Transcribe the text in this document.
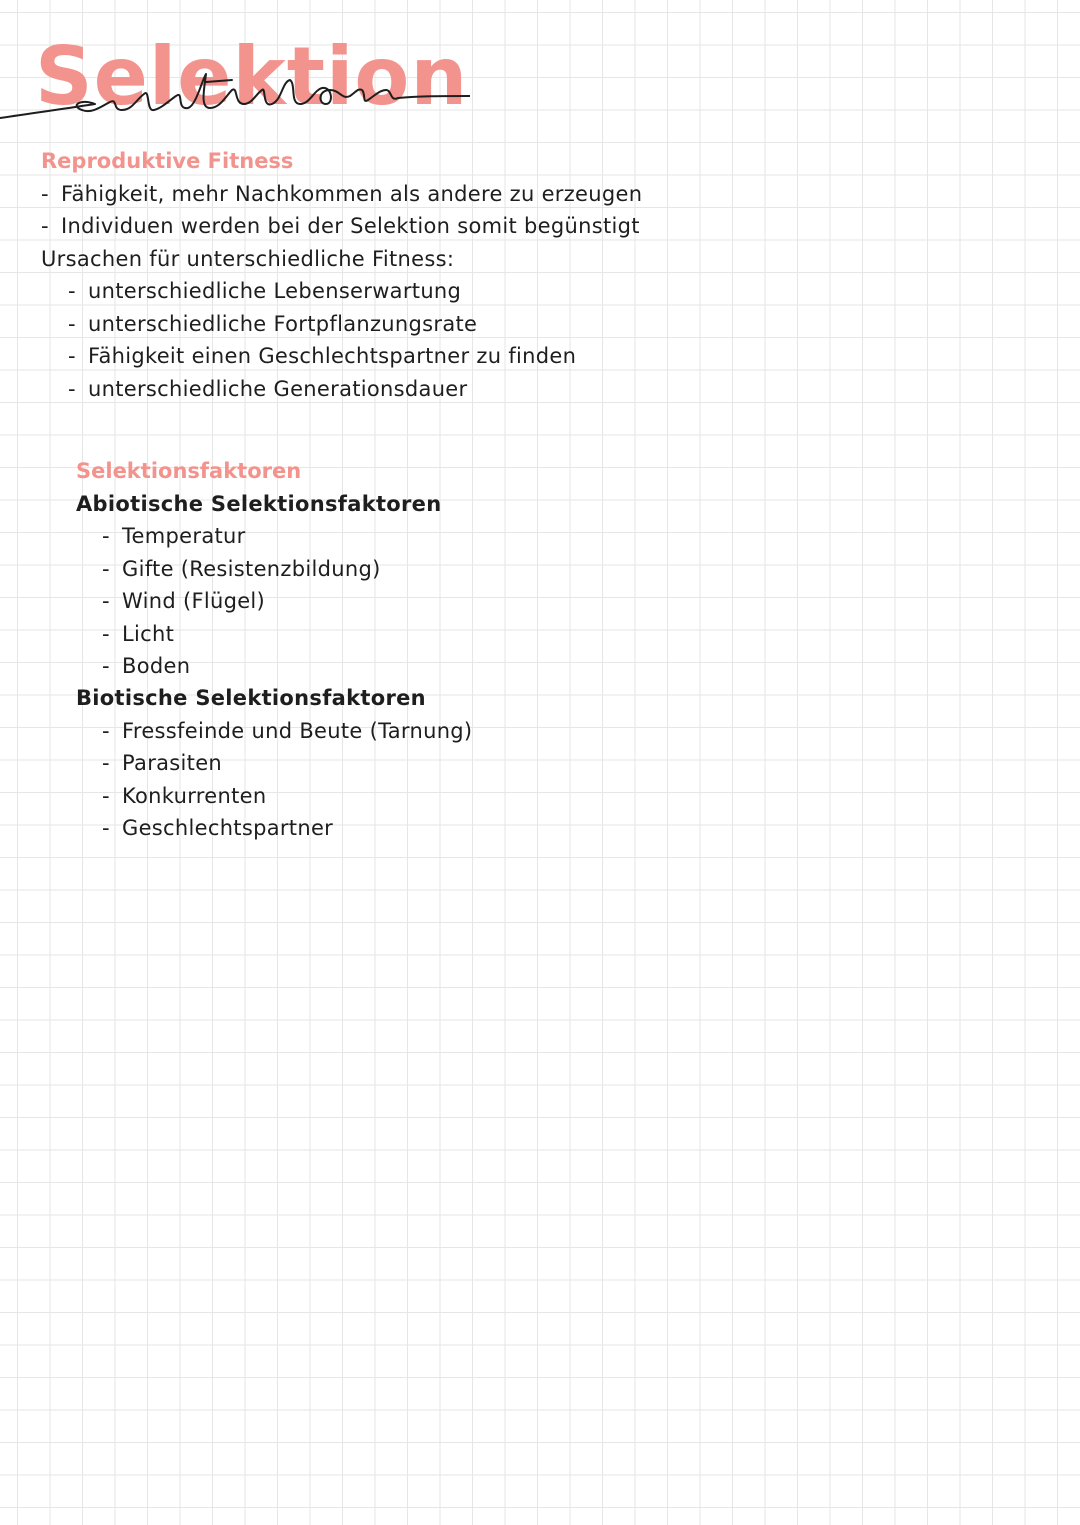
Selektion

Reproduktive Fitness

- Fähigkeit, mehr Nachkommen als andere zu erzeugen

- Individuen werden bei der Selektion somit begünstigt

Ursachen für unterschiedliche Fitness:

- unterschiedliche Lebenserwartung

- unterschiedliche Fortpflanzungsrate

- Fähigkeit einen Geschlechtspartner zu finden

- unterschiedliche Generationsdauer

Selektionsfaktoren

Abiotische Selektionsfaktoren

- Temperatur

- Gifte (Resistenzbildung)

- Wind (Flügel)

- Licht

- Boden

Biotische Selektionsfaktoren

- Fressfeinde und Beute (Tarnung)

- Parasiten

- Konkurrenten

- Geschlechtspartner
